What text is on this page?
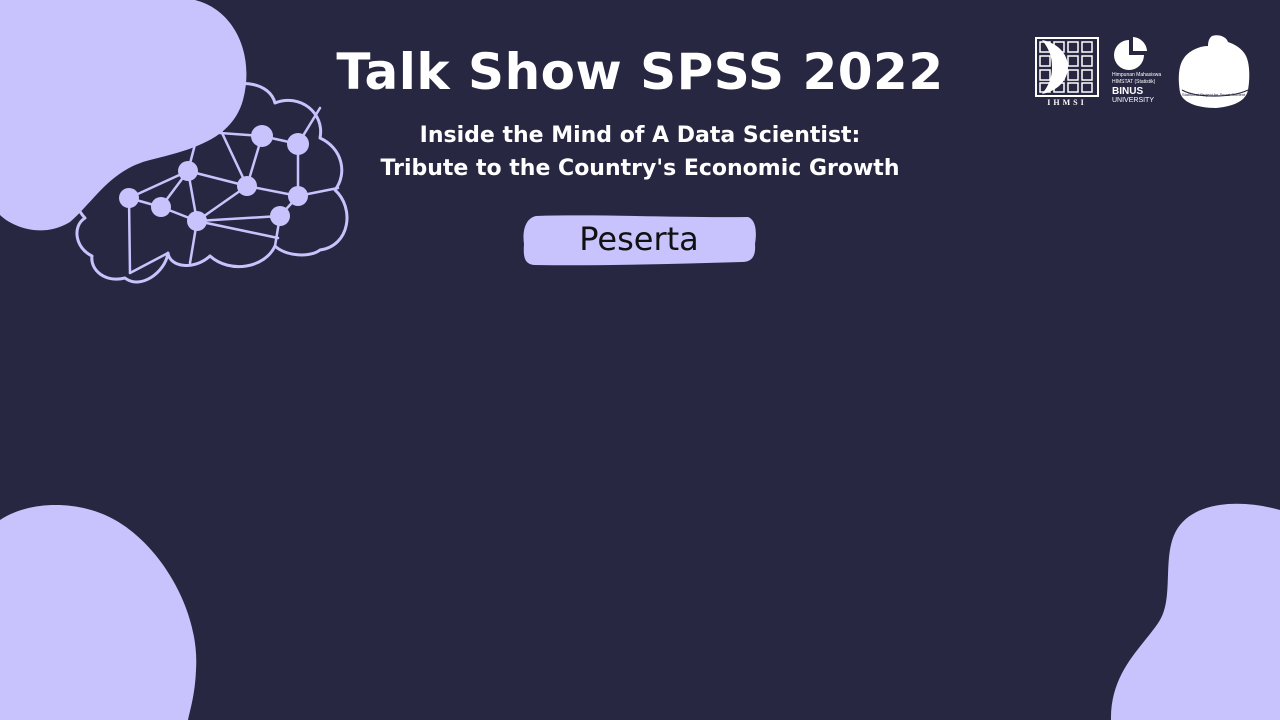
Talk Show SPSS 2022
Inside the Mind of A Data Scientist:
Tribute to the Country's Economic Growth
Peserta
IHMSI
Himpunan Mahasiswa
HIMSTAT (Statistik)
BINUS
UNIVERSITY
Statistical Project for Smart Student
